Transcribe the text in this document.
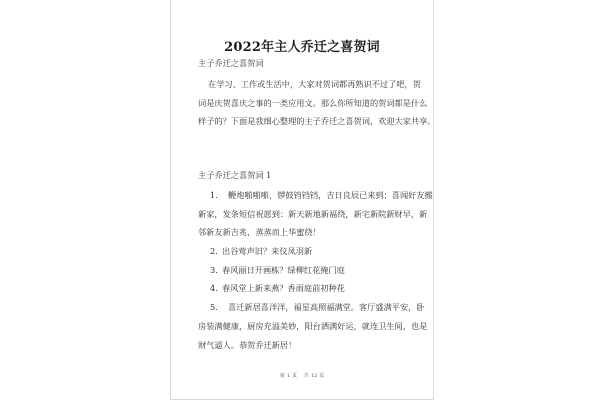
2022年主人乔迁之喜贺词
主子乔迁之喜贺词
在学习、工作或生活中，大家对贺词都再熟识不过了吧，贺
词是庆贺喜庆之事的一类应用文。那么你所知道的贺词都是什么
样子的？下面是我细心整理的主子乔迁之喜贺词，欢迎大家共享。
主子乔迁之喜贺词 1
1. 鞭炮啪啪啪，锣鼓铛铛铛，吉日良辰已来到；喜闻好友搬
新家，发条短信祝愿到：新天新地新福绕，新宅新院新财早，新
邻新友新吉兆，蒸蒸而上华蜜绕！
2. 出谷莺声旧？来仪凤羽新
3. 春风丽日开画栋？绿柳红花掩门庭
4. 春风堂上新来燕？香雨庭前初种花
5. 喜迁新居喜洋洋，福星高照福满堂。客厅盛满平安，卧
房装满健康，厨房充溢美妙，阳台洒满好运，就连卫生间，也是
财气逼人。恭贺乔迁新居！
第 1 页 共 12 页
